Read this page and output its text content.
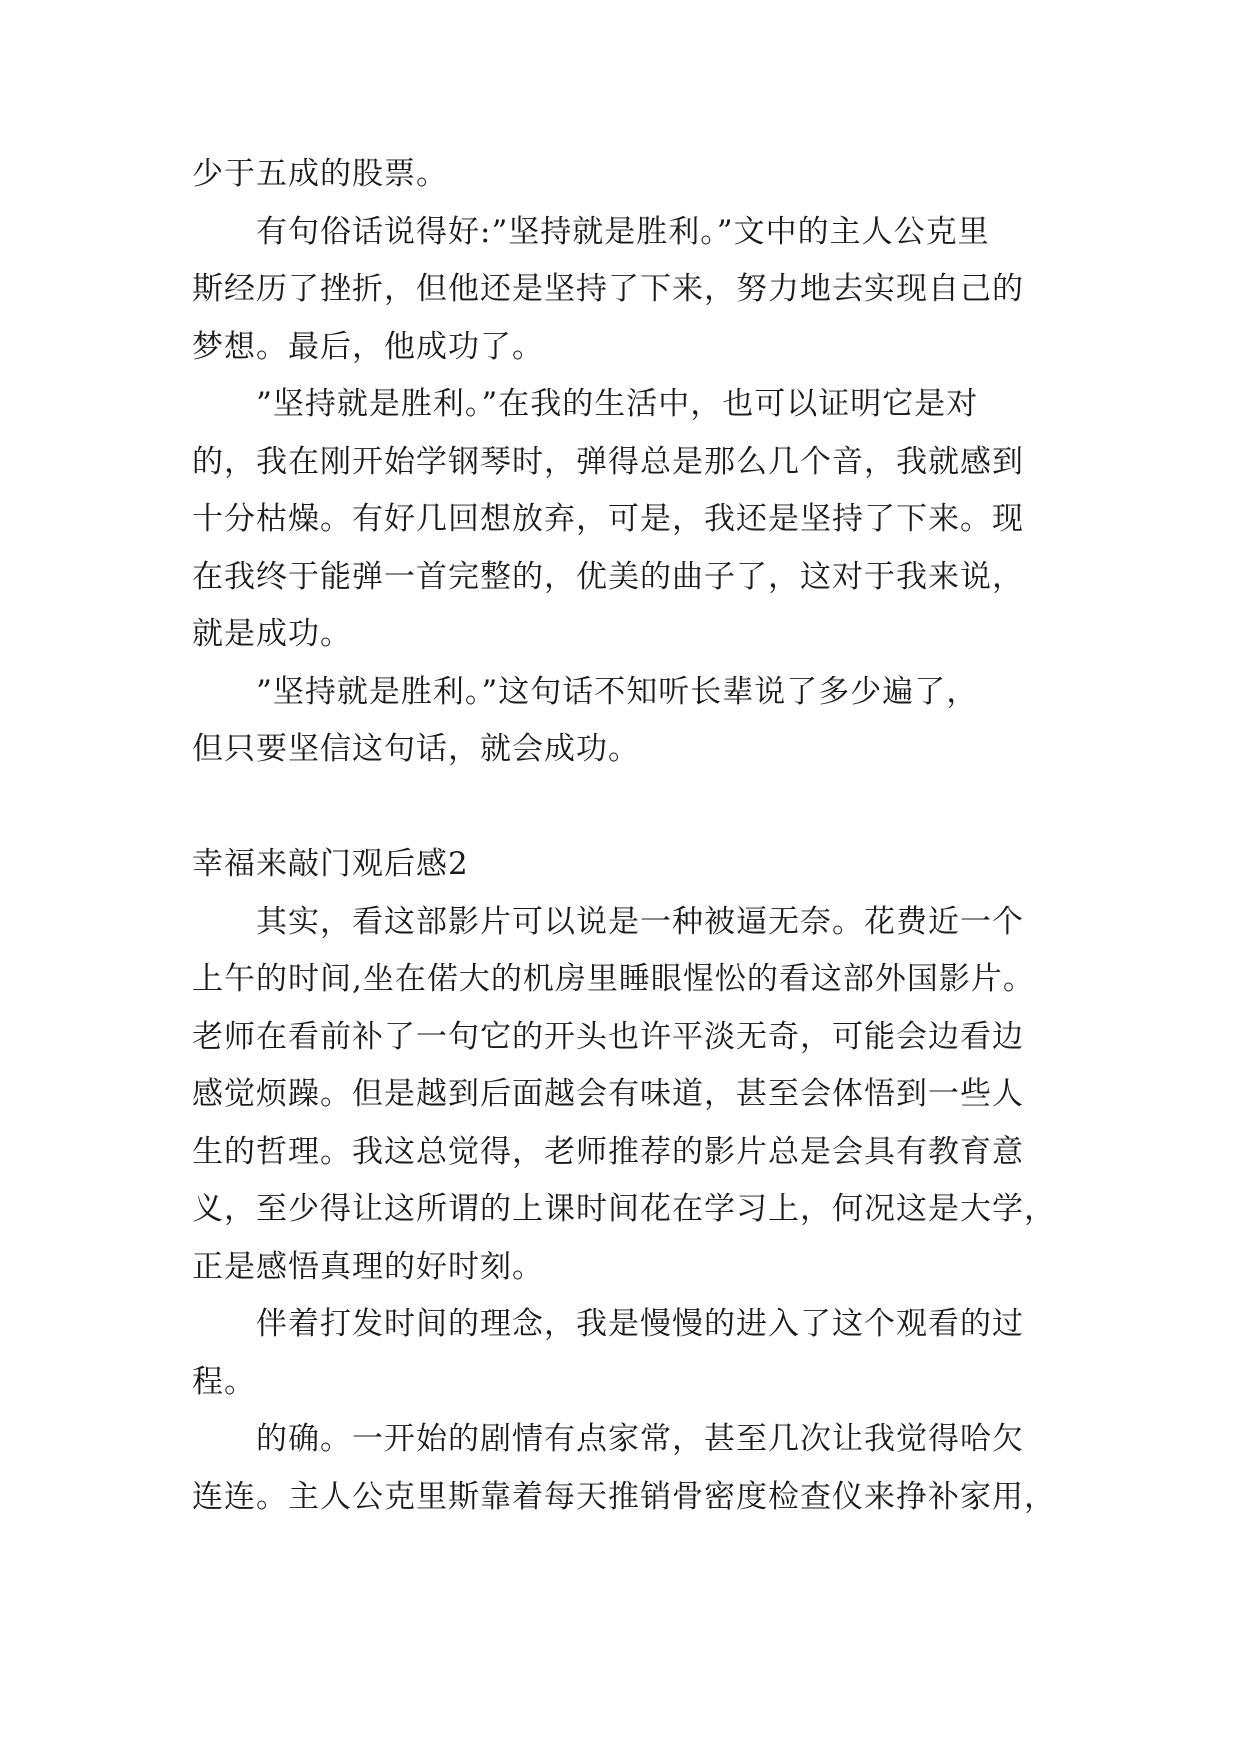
少于五成的股票。

有句俗话说得好:”坚持就是胜利。”文中的主人公克里

斯经历了挫折，但他还是坚持了下来，努力地去实现自己的

梦想。最后，他成功了。

”坚持就是胜利。”在我的生活中，也可以证明它是对

的，我在刚开始学钢琴时，弹得总是那么几个音，我就感到

十分枯燥。有好几回想放弃，可是，我还是坚持了下来。现

在我终于能弹一首完整的，优美的曲子了，这对于我来说，

就是成功。

”坚持就是胜利。”这句话不知听长辈说了多少遍了，

但只要坚信这句话，就会成功。

幸福来敲门观后感2

其实，看这部影片可以说是一种被逼无奈。花费近一个

上午的时间,坐在偌大的机房里睡眼惺忪的看这部外国影片。

老师在看前补了一句它的开头也许平淡无奇，可能会边看边

感觉烦躁。但是越到后面越会有味道，甚至会体悟到一些人

生的哲理。我这总觉得，老师推荐的影片总是会具有教育意

义，至少得让这所谓的上课时间花在学习上，何况这是大学，

正是感悟真理的好时刻。

伴着打发时间的理念，我是慢慢的进入了这个观看的过

程。

的确。一开始的剧情有点家常，甚至几次让我觉得哈欠

连连。主人公克里斯靠着每天推销骨密度检查仪来挣补家用，
